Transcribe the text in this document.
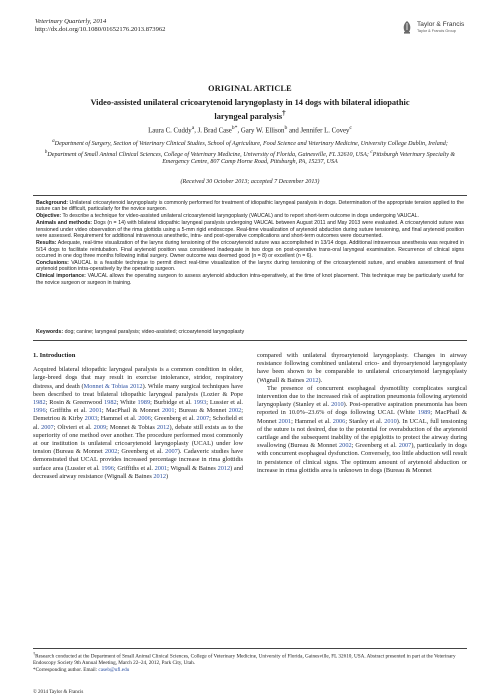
Veterinary Quarterly, 2014
http://dx.doi.org/10.1080/01652176.2013.873962
Taylor & Francis
Taylor & Francis Group
ORIGINAL ARTICLE
Video-assisted unilateral cricoarytenoid laryngoplasty in 14 dogs with bilateral idiopathic
laryngeal paralysis†
Laura C. Cuddy$^a$, J. Brad Case$^{b*}$, Gary W. Ellison$^b$ and Jennifer L. Covey$^c$
$^a$Department of Surgery, Section of Veterinary Clinical Studies, School of Agriculture, Food Science and Veterinary Medicine, University College Dublin, Ireland; $^b$Department of Small Animal Clinical Sciences, College of Veterinary Medicine, University of Florida, Gainesville, FL 32610, USA; $^c$Pittsburgh Veterinary Specialty & Emergency Centre, 807 Camp Horne Road, Pittsburgh, PA, 15237, USA
(Received 30 October 2013; accepted 7 December 2013)

Background: Unilateral cricoarytenoid laryngoplasty is commonly performed for treatment of idiopathic laryngeal paralysis in dogs. Determination of the appropriate tension applied to the suture can be difficult, particularly for the novice surgeon.

Objective: To describe a technique for video-assisted unilateral cricoarytenoid laryngoplasty (VAUCAL) and to report short-term outcome in dogs undergoing VAUCAL.

Animals and methods: Dogs (n = 14) with bilateral idiopathic laryngeal paralysis undergoing VAUCAL between August 2011 and May 2013 were evaluated. A cricoarytenoid suture was tensioned under video observation of the rima glottidis using a 5-mm rigid endoscope. Real-time visualization of arytenoid abduction during suture tensioning, and final arytenoid position were assessed. Requirement for additional intravenous anesthetic, intra- and post-operative complications and short-term outcomes were documented.

Results: Adequate, real-time visualization of the larynx during tensioning of the cricoarytenoid suture was accomplished in 13/14 dogs. Additional intravenous anesthesia was required in 5/14 dogs to facilitate reintubation. Final arytenoid position was considered inadequate in two dogs on post-operative trans-oral laryngeal examination. Recurrence of clinical signs occurred in one dog three months following initial surgery. Owner outcome was deemed good (n = 8) or excellent (n = 6).

Conclusions: VAUCAL is a feasible technique to permit direct real-time visualization of the larynx during tensioning of the cricoarytenoid suture, and enables assessment of final arytenoid position intra-operatively by the operating surgeon.

Clinical importance: VAUCAL allows the operating surgeon to assess arytenoid abduction intra-operatively, at the time of knot placement. This technique may be particularly useful for the novice surgeon or surgeon in training.

Keywords: dog; canine; laryngeal paralysis; video-assisted; cricoarytenoid laryngoplasty

1. Introduction

Acquired bilateral idiopathic laryngeal paralysis is a common condition in older, large-breed dogs that may result in exercise intolerance, stridor, respiratory distress, and death (Monnet & Tobias 2012). While many surgical techniques have been described to treat bilateral idiopathic laryngeal paralysis (Lozier & Pope 1982; Rosin & Greenwood 1982; White 1989; Burbidge et al. 1993; Lussier et al. 1996; Griffiths et al. 2001; MacPhail & Monnet 2001; Bureau & Monnet 2002; Demetriou & Kirby 2003; Hammel et al. 2006; Greenberg et al. 2007; Schofield et al. 2007; Olivieri et al. 2009; Monnet & Tobias 2012), debate still exists as to the superiority of one method over another. The procedure performed most commonly at our institution is unilateral cricoarytenoid laryngoplasty (UCAL) under low tension (Bureau & Monnet 2002; Greenberg et al. 2007). Cadaveric studies have demonstrated that UCAL provides increased percentage increase in rima glottidis surface area (Lussier et al. 1996; Griffiths et al. 2001; Wignall & Baines 2012) and decreased airway resistance (Wignall & Baines 2012)

compared with unilateral thyroarytenoid laryngoplasty. Changes in airway resistance following combined unilateral crico- and thyroarytenoid laryngoplasty have been shown to be comparable to unilateral cricoarytenoid laryngoplasty (Wignall & Baines 2012).

The presence of concurrent esophageal dysmotility complicates surgical intervention due to the increased risk of aspiration pneumonia following arytenoid laryngoplasty (Stanley et al. 2010). Post-operative aspiration pneumonia has been reported in 10.0%–23.6% of dogs following UCAL (White 1989; MacPhail & Monnet 2001; Hammel et al. 2006; Stanley et al. 2010). In UCAL, full tensioning of the suture is not desired, due to the potential for overabduction of the arytenoid cartilage and the subsequent inability of the epiglottis to protect the airway during swallowing (Bureau & Monnet 2002; Greenberg et al. 2007), particularly in dogs with concurrent esophageal dysfunction. Conversely, too little abduction will result in persistence of clinical signs. The optimum amount of arytenoid abduction or increase in rima glottidis area is unknown in dogs (Bureau & Monnet

†Research conducted at the Department of Small Animal Clinical Sciences, College of Veterinary Medicine, University of Florida, Gainesville, FL 32610, USA. Abstract presented in part at the Veterinary Endoscopy Society 9th Annual Meeting, March 22–24, 2012, Park City, Utah.
*Corresponding author. Email: caseb@ufl.edu
© 2014 Taylor & Francis
